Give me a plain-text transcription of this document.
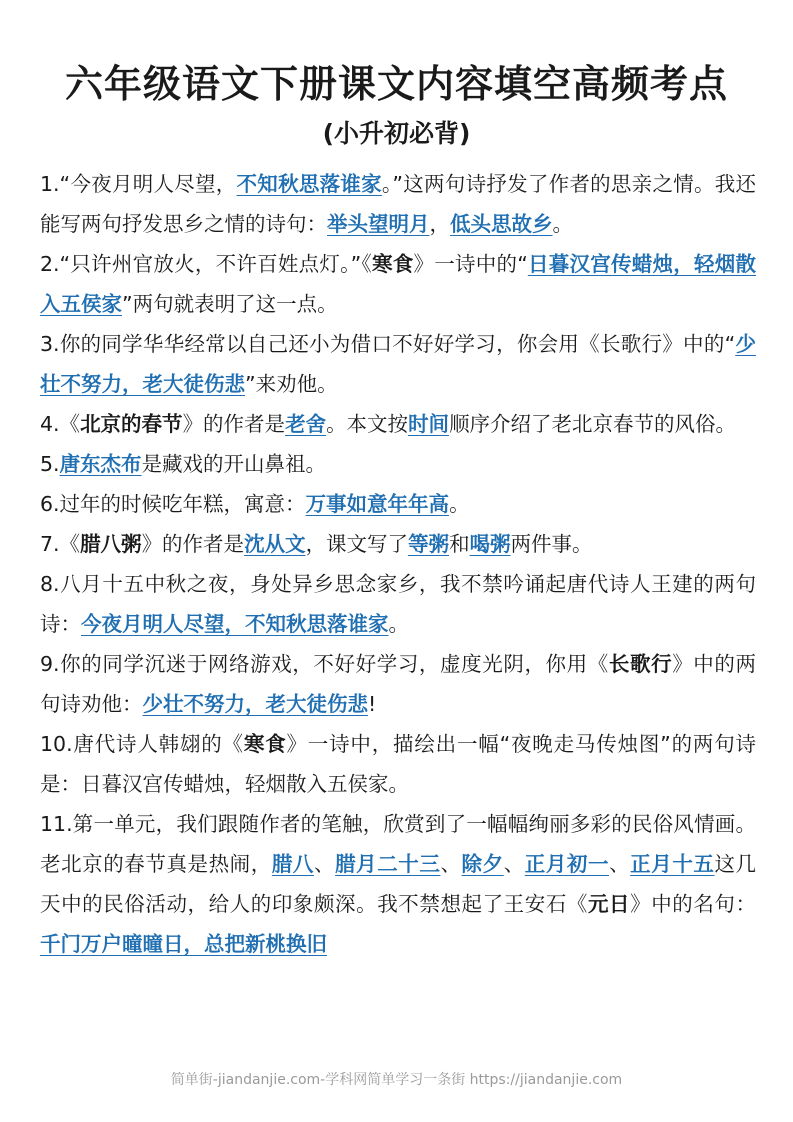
六年级语文下册课文内容填空高频考点
(小升初必背)

1.“今夜月明人尽望，不知秋思落谁家。”这两句诗抒发了作者的思亲之情。我还能写两句抒发思乡之情的诗句：举头望明月，低头思故乡。

2.“只许州官放火，不许百姓点灯。”《寒食》一诗中的“日暮汉宫传蜡烛，轻烟散入五侯家”两句就表明了这一点。

3.你的同学华华经常以自己还小为借口不好好学习，你会用《长歌行》中的“少壮不努力，老大徒伤悲”来劝他。

4.《北京的春节》的作者是老舍。本文按时间顺序介绍了老北京春节的风俗。

5.唐东杰布是藏戏的开山鼻祖。

6.过年的时候吃年糕，寓意：万事如意年年高。

7.《腊八粥》的作者是沈从文，课文写了等粥和喝粥两件事。

8.八月十五中秋之夜，身处异乡思念家乡，我不禁吟诵起唐代诗人王建的两句诗：今夜月明人尽望，不知秋思落谁家。

9.你的同学沉迷于网络游戏，不好好学习，虚度光阴，你用《长歌行》中的两句诗劝他：少壮不努力，老大徒伤悲!

10.唐代诗人韩翃的《寒食》一诗中，描绘出一幅“夜晚走马传烛图”的两句诗是：日暮汉宫传蜡烛，轻烟散入五侯家。

11.第一单元，我们跟随作者的笔触，欣赏到了一幅幅绚丽多彩的民俗风情画。老北京的春节真是热闹，腊八、腊月二十三、除夕、正月初一、正月十五这几天中的民俗活动，给人的印象颇深。我不禁想起了王安石《元日》中的名句：千门万户曈曈日，总把新桃换旧

简单街-jiandanjie.com-学科网简单学习一条街 https://jiandanjie.com
